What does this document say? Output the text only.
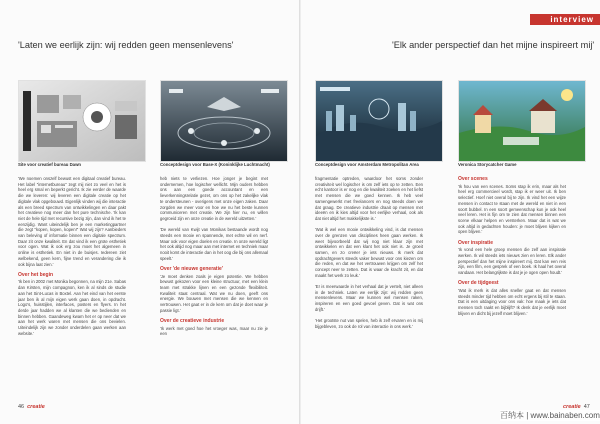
interview
'Laten we eerlijk zijn: wij redden geen mensenlevens'	'Elk ander perspectief dan het mijne inspireert mij'
Site voor creatief bureau Dawn	Conceptdesign voor Base-X (Koninklijke Luchtmacht)	Conceptdesign voor Amsterdam Metropolitan Area	Veronica Storycatcher Game

'We noemen onszelf bewust een digitaal creatief bureau. Het label "internetbureau" zegt mij niet zo veel en het is heel erg smal en beperkt gericht. Ik zie eerder de waarde die we leveren: wij leveren een digitale creatie op het digitale vlak opgebouwd. Eigenlijk vinden wij die interactie als een breed spectrum van ontwikkelingen en daar pakt het creatieve nog meer dan het pure technische. 'Ik kan niet de hele tijd met recursive bezig zijn, dan vind ik het te eenzijdig. Want uiteindelijk ben je een marketingpartner die zegt "kopen, kopen, kopen!" Wat wij zijn? Aanbieders van beleving of informatie binnen een digitale spectrum. Daar zit onze kwaliteit. En dat vind ik een grote esthetiek voor ogen. Wat ik ook erg zou moet het algemeen in online is esthetiek. En niet in de buisjes. Iedereen ziet welbekend, geen kern, fijne trend en verandering die ik ook bijna laat zien.'

Over het begin

'Ik ben in 2002 met Monika begonnen, na mijn 21e. Sabas dan Kirsten, mijn compagnon, ken ik al sinds de studie aan het Sint-Lucas in Boxtel. Aan het eind van het eerste jaar ben ik al mijn eigen werk gaan doen, in opdracht. Logo's, huisstijlen, interfaces, posters en flyers. In het derde jaar hadden we al klanten die we bedienden en binnen hebben. Gaandeweg kwam het er op neer dat we aan het werk waren met mensen die ons bevielen. Uiteindelijk zijn we zonder onderdelen gaan werken aan website.'

heb niets te verliezen. Hoe jonger je begint met ondernemen, hoe logischer wellicht. Mijn ouders hebben ons aan een goede accountant en een lieverkenningsrelatie gezet, om ons op het zakelijke vlak te ondersteunen - overigens met onze eigen zaken. Daar zorgden we meer voor en hoe we nu het beste kunnen communiceren met creatie. We zijn hier nu, en willen gegroeid zijn en onze creatie in de wereld uitzetten.'

'De wereld van Kwijt van Monikas bestaande wordt nog steeds een mooie en spannende, met echte wil en nerf. Maar ook voor eigen doelen en creatie. In onze wereld ligt het ook altijd nog maar aan met internet en techniek maar nooit komt de interactie dan in het oog die bij ons allemaal speelt.'

Over 'de nieuwe generatie'

'Je moet denken zoals je eigen potentie. We hebben bewust gekozen voor een kleine structuur, met een klein team met strakke lijnen en een gezonde flexibiliteit. Kwaliteit staat centraal. Wat we nu doen, geeft ons energie. We bouwen met mensen die we kennen en vertrouwen. Het gaat er in de kern om dat je doet waar je passie ligt.'

Over de creatieve industrie

'Ik werk met goed hoe het vroeger was, maar nu zie je een

fragmentatie optreden, waardoor het soms zonder creativiteit wel logischer is om zelf iets op te zetten. Een echt kantoor is er nog en die kwaliteit zoeken en het liefst met mensen die we goed kennen. Ik heb veel samengewerkt met freelancers en nog steeds doen we dat graag. De creatieve industrie draait op mensen met ideeën en ik kies altijd voor het eerlijke verhaal, ook als dat niet altijd het makkelijkste is.'

'Wat ik wel een mooie ontwikkeling vind, is dat mensen over de grenzen van disciplines heen gaan werken. Ik weet bijvoorbeeld dat wij nog niet klaar zijn met ontwikkelen en dat een klant het ook niet is. Je groeit samen, en zo creëer je iets nieuws. Ik merk dat opdrachtgevers steeds vaker bewust voor ons kiezen om die reden, en dat we het vertrouwen krijgen om zelf het concept neer te zetten. Dat is waar de kracht zit, en dat maakt het werk zo leuk.'

'Er is meerwaarde in het verhaal dat je vertelt, niet alleen in de techniek. Laten we eerlijk zijn: wij redden geen mensenlevens. Maar we kunnen wel mensen raken, inspireren en een goed gevoel geven. Dat is wat ons drijft.'

'Het grootste nut van spelen, heb ik zelf ervaren en is mij bijgebleven, zo ook de rol van interactie in ons werk.'

Over scenes

'Ik hou van een scenes. Soms stap ik erin, maar als het heel erg commercieel wordt, stap ik er weer uit. Ik ben selectief. Hoef niet overal bij te zijn. Ik vind het een wijze mensen in contact te staan met de wereld en niet in een soort bubbel. In een soort gemeenschap kun je ook heel veel leren. Het is fijn om te zien dat mensen binnen een scene elkaar helpen en versterken. Maar dat is wat we ook altijd in gedachten houden: je moet blijven kijken en open blijven.'

Over inspiratie

'Ik vond een hele groep mensen die zelf aan inspiratie werken. Ik wil steeds iets nieuws zien en leren. Elk ander perspectief dan het mijne inspireert mij. Dat kan een reis zijn, een film, een gesprek of een boek. Ik haal het overal vandaan. Het belangrijkste is dat je je ogen open houdt.'

Over de tijdgeest

'Wat ik merk is dat alles sneller gaat en dat mensen steeds minder tijd hebben om echt ergens bij stil te staan. Dat is een uitdaging voor ons vak: hoe maak je iets dat mensen toch raakt en bijblijft? Ik denk dat je eerlijk moet blijven en dicht bij jezelf moet blijven.'

46 creatie	creatie 47
百纳本 | www.bainaben.com
